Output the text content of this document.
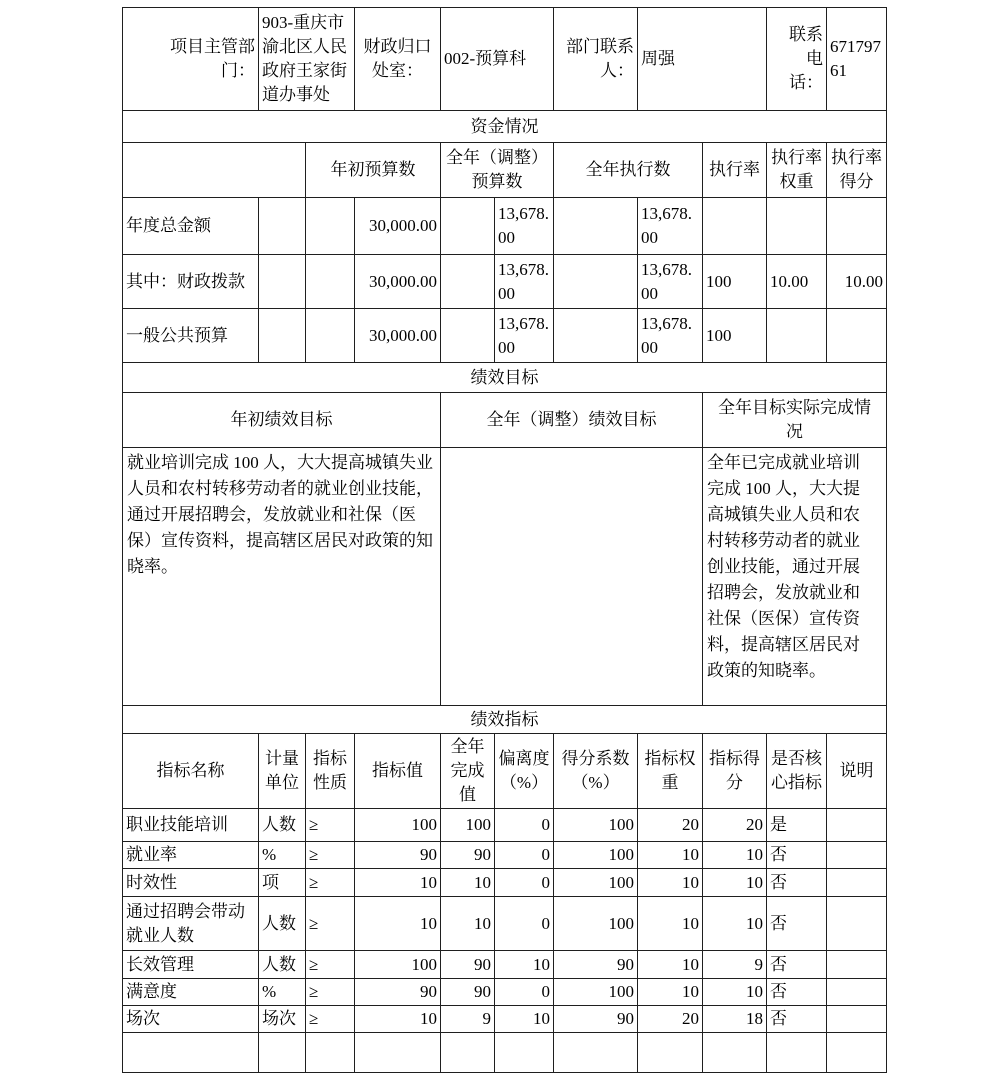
项目主管部门：	903-重庆市渝北区人民政府王家街道办事处		财政归口处室：	002-预算科		部门联系人：	周强		联系电话：	67179761
资金情况										
		年初预算数		全年（调整）预算数		全年执行数		执行率	执行率权重	执行率得分
年度总金额			30,000.00		13,678.00		13,678.00			
其中：财政拨款			30,000.00		13,678.00		13,678.00	100	10.00	10.00
一般公共预算			30,000.00		13,678.00		13,678.00	100		
绩效目标										
年初绩效目标				全年（调整）绩效目标				全年目标实际完成情况		
就业培训完成 100 人，大大提高城镇失业人员和农村转移劳动者的就业创业技能，通过开展招聘会，发放就业和社保（医保）宣传资料，提高辖区居民对政策的知晓率。								全年已完成就业培训完成 100 人，大大提高城镇失业人员和农村转移劳动者的就业创业技能，通过开展招聘会，发放就业和社保（医保）宣传资料，提高辖区居民对政策的知晓率。		
绩效指标										
指标名称	计量单位	指标性质	指标值	全年完成值	偏离度（%）	得分系数（%）	指标权重	指标得分	是否核心指标	说明
职业技能培训	人数	≥	100	100	0	100	20	20	是	
就业率	%	≥	90	90	0	100	10	10	否	
时效性	项	≥	10	10	0	100	10	10	否	
通过招聘会带动就业人数	人数	≥	10	10	0	100	10	10	否	
长效管理	人数	≥	100	90	10	90	10	9	否	
满意度	%	≥	90	90	0	100	10	10	否	
场次	场次	≥	10	9	10	90	20	18	否	
